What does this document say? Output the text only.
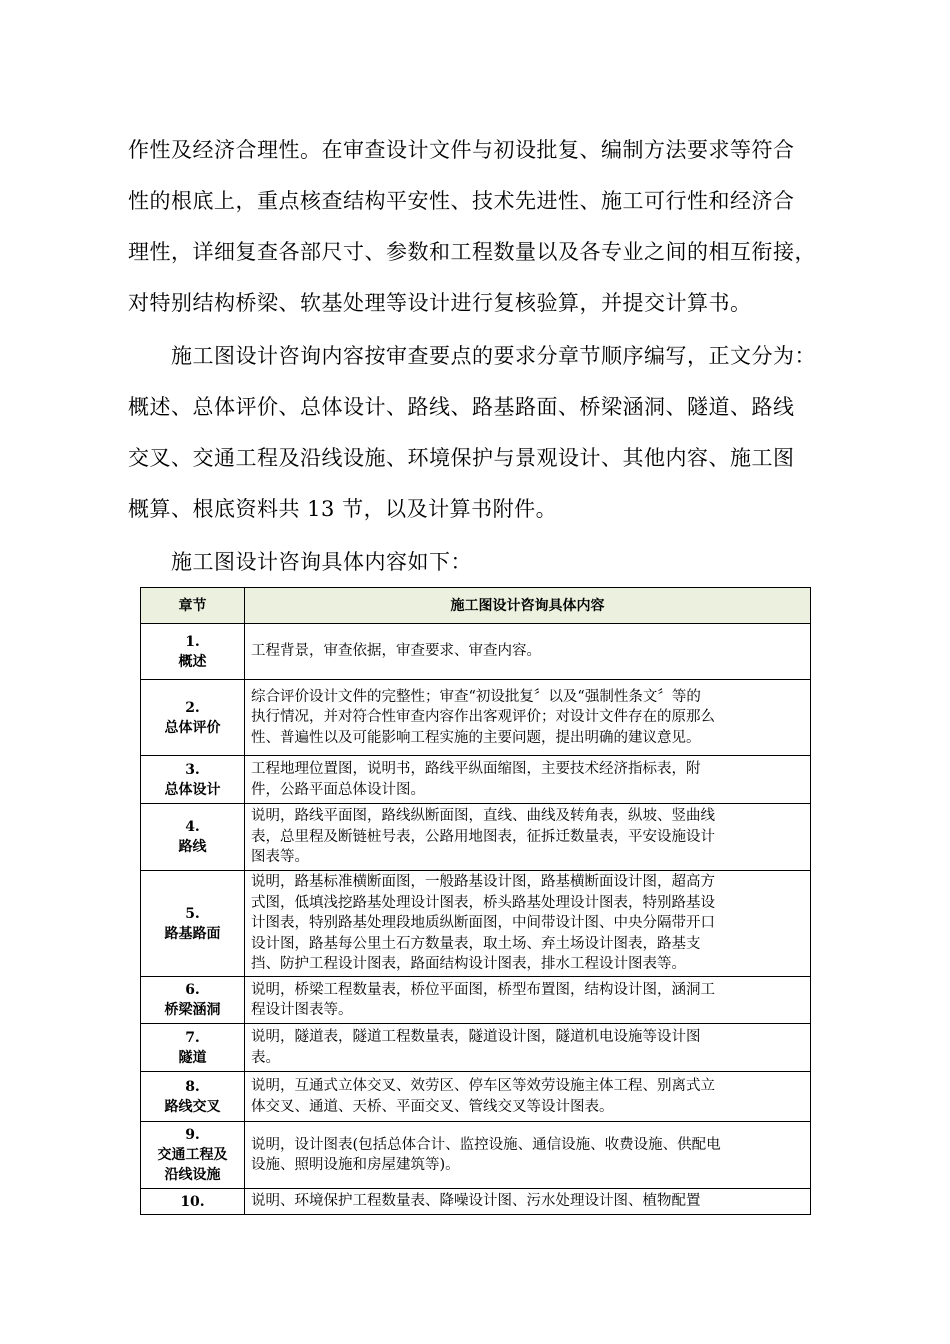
作性及经济合理性。在审查设计文件与初设批复、编制方法要求等符合
性的根底上，重点核查结构平安性、技术先进性、施工可行性和经济合
理性，详细复查各部尺寸、参数和工程数量以及各专业之间的相互衔接，
对特别结构桥梁、软基处理等设计进行复核验算，并提交计算书。

　　施工图设计咨询内容按审查要点的要求分章节顺序编写，正文分为：
概述、总体评价、总体设计、路线、路基路面、桥梁涵洞、隧道、路线
交叉、交通工程及沿线设施、环境保护与景观设计、其他内容、施工图
概算、根底资料共 13 节，以及计算书附件。

　　施工图设计咨询具体内容如下：

章节	施工图设计咨询具体内容

1.
概述	工程背景，审查依据，审查要求、审查内容。

2.
总体评价	综合评价设计文件的完整性；审查“初设批复〞以及“强制性条文〞等的
执行情况，并对符合性审查内容作出客观评价；对设计文件存在的原那么
性、普遍性以及可能影响工程实施的主要问题，提出明确的建议意见。

3.
总体设计	工程地理位置图，说明书，路线平纵面缩图，主要技术经济指标表，附
件，公路平面总体设计图。

4.
路线	说明，路线平面图，路线纵断面图，直线、曲线及转角表，纵坡、竖曲线
表，总里程及断链桩号表，公路用地图表，征拆迁数量表，平安设施设计
图表等。

5.
路基路面	说明，路基标准横断面图，一般路基设计图，路基横断面设计图，超高方
式图，低填浅挖路基处理设计图表，桥头路基处理设计图表，特别路基设
计图表，特别路基处理段地质纵断面图，中间带设计图、中央分隔带开口
设计图，路基每公里土石方数量表，取土场、弃土场设计图表，路基支
挡、防护工程设计图表，路面结构设计图表，排水工程设计图表等。

6.
桥梁涵洞	说明，桥梁工程数量表，桥位平面图，桥型布置图，结构设计图，涵洞工
程设计图表等。

7.
隧道	说明，隧道表，隧道工程数量表，隧道设计图，隧道机电设施等设计图
表。

8.
路线交叉	说明，互通式立体交叉、效劳区、停车区等效劳设施主体工程、别离式立
体交叉、通道、天桥、平面交叉、管线交叉等设计图表。

9.
交通工程及
沿线设施	说明，设计图表(包括总体合计、监控设施、通信设施、收费设施、供配电
设施、照明设施和房屋建筑等)。

10.	说明、环境保护工程数量表、降噪设计图、污水处理设计图、植物配置
